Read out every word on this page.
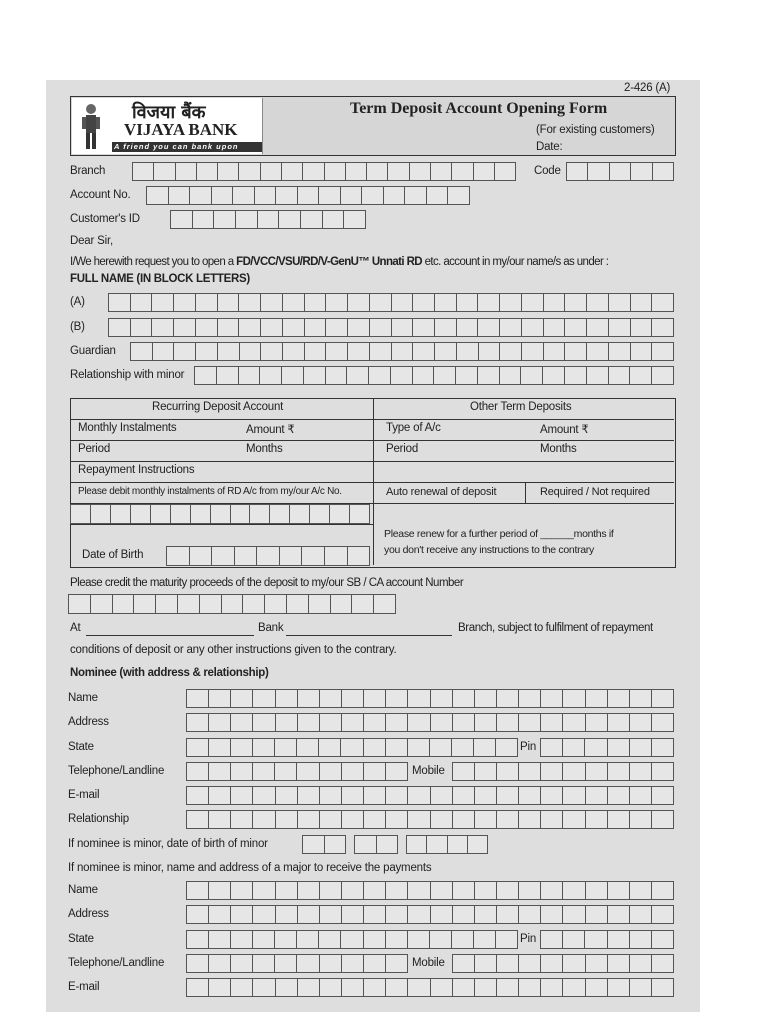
2-426 (A)
विजया बैंक
VIJAYA BANK
A friend you can bank upon
Term Deposit Account Opening Form
(For existing customers)
Date:
Branch	Code
Account No.
Customer's ID
Dear Sir,
I/We herewith request you to open a FD/VCC/VSU/RD/V-GenU™ Unnati RD etc. account in my/our name/s as under :
FULL NAME (IN BLOCK LETTERS)
(A)
(B)
Guardian
Relationship with minor
Recurring Deposit Account	Other Term Deposits
Monthly Instalments	Amount ₹	Type of A/c	Amount ₹
Period	Months	Period	Months
Repayment Instructions
Please debit monthly instalments of RD A/c from my/our A/c No.	Auto renewal of deposit	Required / Not required
Please renew for a further period of ______months if
you don't receive any instructions to the contrary
Date of Birth
Please credit the maturity proceeds of the deposit to my/our SB / CA account Number
At	Bank	Branch, subject to fulfilment of repayment
conditions of deposit or any other instructions given to the contrary.
Nominee (with address & relationship)
Name
Address
State	Pin
Telephone/Landline	Mobile
E-mail
Relationship
If nominee is minor, date of birth of minor
If nominee is minor, name and address of a major to receive the payments
Name
Address
State	Pin
Telephone/Landline	Mobile
E-mail
